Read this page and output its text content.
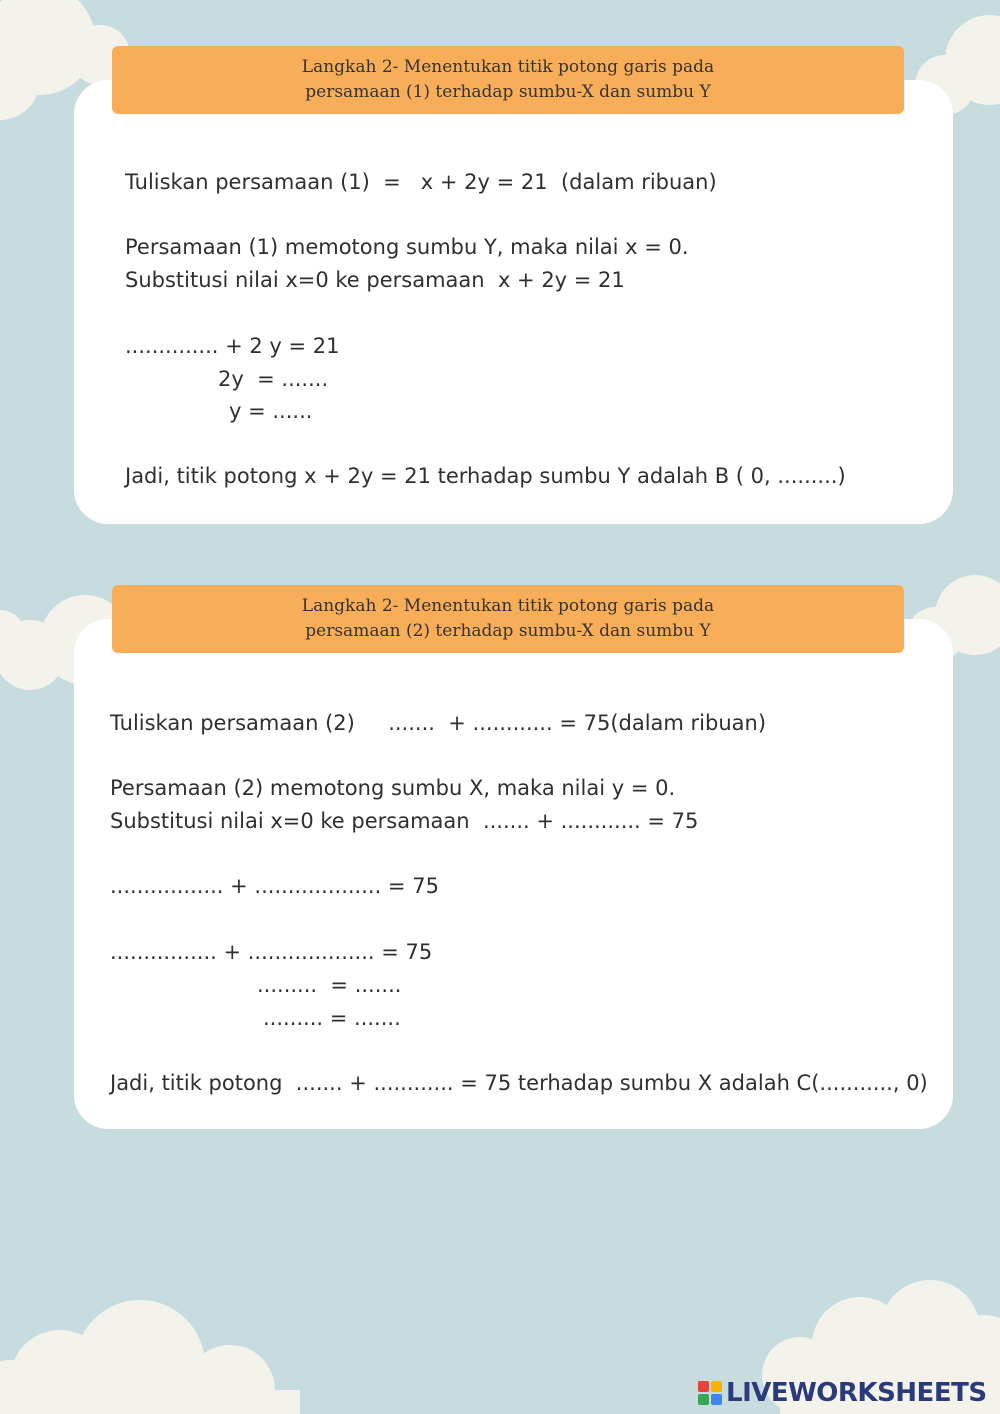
Langkah 2- Menentukan titik potong garis pada
persamaan (1) terhadap sumbu-X dan sumbu Y
Tuliskan persamaan (1)  =   x + 2y = 21  (dalam ribuan)
Persamaan (1) memotong sumbu Y, maka nilai x = 0.
Substitusi nilai x=0 ke persamaan  x + 2y = 21
.............. + 2 y = 21
2y  = .......
y = ......
Jadi, titik potong x + 2y = 21 terhadap sumbu Y adalah B ( 0, .........)
Langkah 2- Menentukan titik potong garis pada
persamaan (2) terhadap sumbu-X dan sumbu Y
Tuliskan persamaan (2)     .......  + ............ = 75(dalam ribuan)
Persamaan (2) memotong sumbu X, maka nilai y = 0.
Substitusi nilai x=0 ke persamaan  ....... + ............ = 75
................. + ................... = 75
................ + ................... = 75
.........  = .......
......... = .......
Jadi, titik potong  ....... + ............ = 75 terhadap sumbu X adalah C(..........., 0)
LIVEWORKSHEETS
